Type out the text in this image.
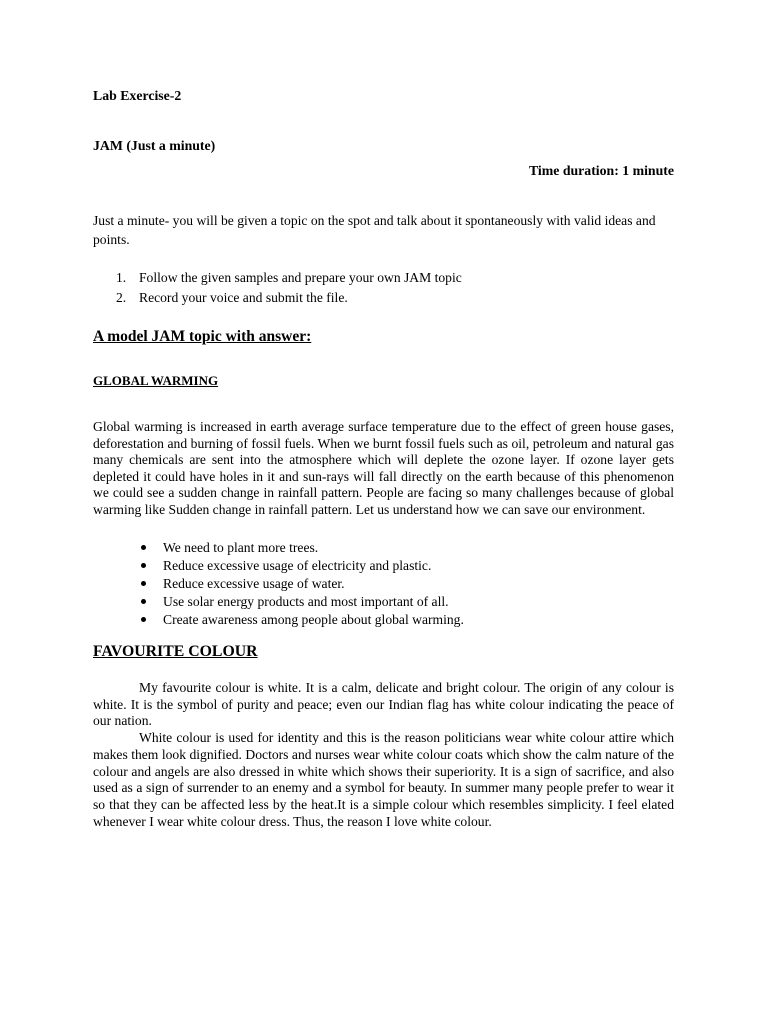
Lab Exercise-2
JAM (Just a minute)
Time duration: 1 minute

Just a minute- you will be given a topic on the spot and talk about it spontaneously with valid ideas and points.

1. Follow the given samples and prepare your own JAM topic
2. Record your voice and submit the file.
A model JAM topic with answer:
GLOBAL WARMING

Global warming is increased in earth average surface temperature due to the effect of green house gases, deforestation and burning of fossil fuels. When we burnt fossil fuels such as oil, petroleum and natural gas many chemicals are sent into the atmosphere which will deplete the ozone layer. If ozone layer gets depleted it could have holes in it and sun-rays will fall directly on the earth because of this phenomenon we could see a sudden change in rainfall pattern. People are facing so many challenges because of global warming like Sudden change in rainfall pattern. Let us understand how we can save our environment.

We need to plant more trees.
Reduce excessive usage of electricity and plastic.
Reduce excessive usage of water.
Use solar energy products and most important of all.
Create awareness among people about global warming.
FAVOURITE COLOUR

My favourite colour is white. It is a calm, delicate and bright colour. The origin of any colour is white. It is the symbol of purity and peace; even our Indian flag has white colour indicating the peace of our nation.

White colour is used for identity and this is the reason politicians wear white colour attire which makes them look dignified. Doctors and nurses wear white colour coats which show the calm nature of the colour and angels are also dressed in white which shows their superiority. It is a sign of sacrifice, and also used as a sign of surrender to an enemy and a symbol for beauty. In summer many people prefer to wear it so that they can be affected less by the heat.It is a simple colour which resembles simplicity. I feel elated whenever I wear white colour dress. Thus, the reason I love white colour.
